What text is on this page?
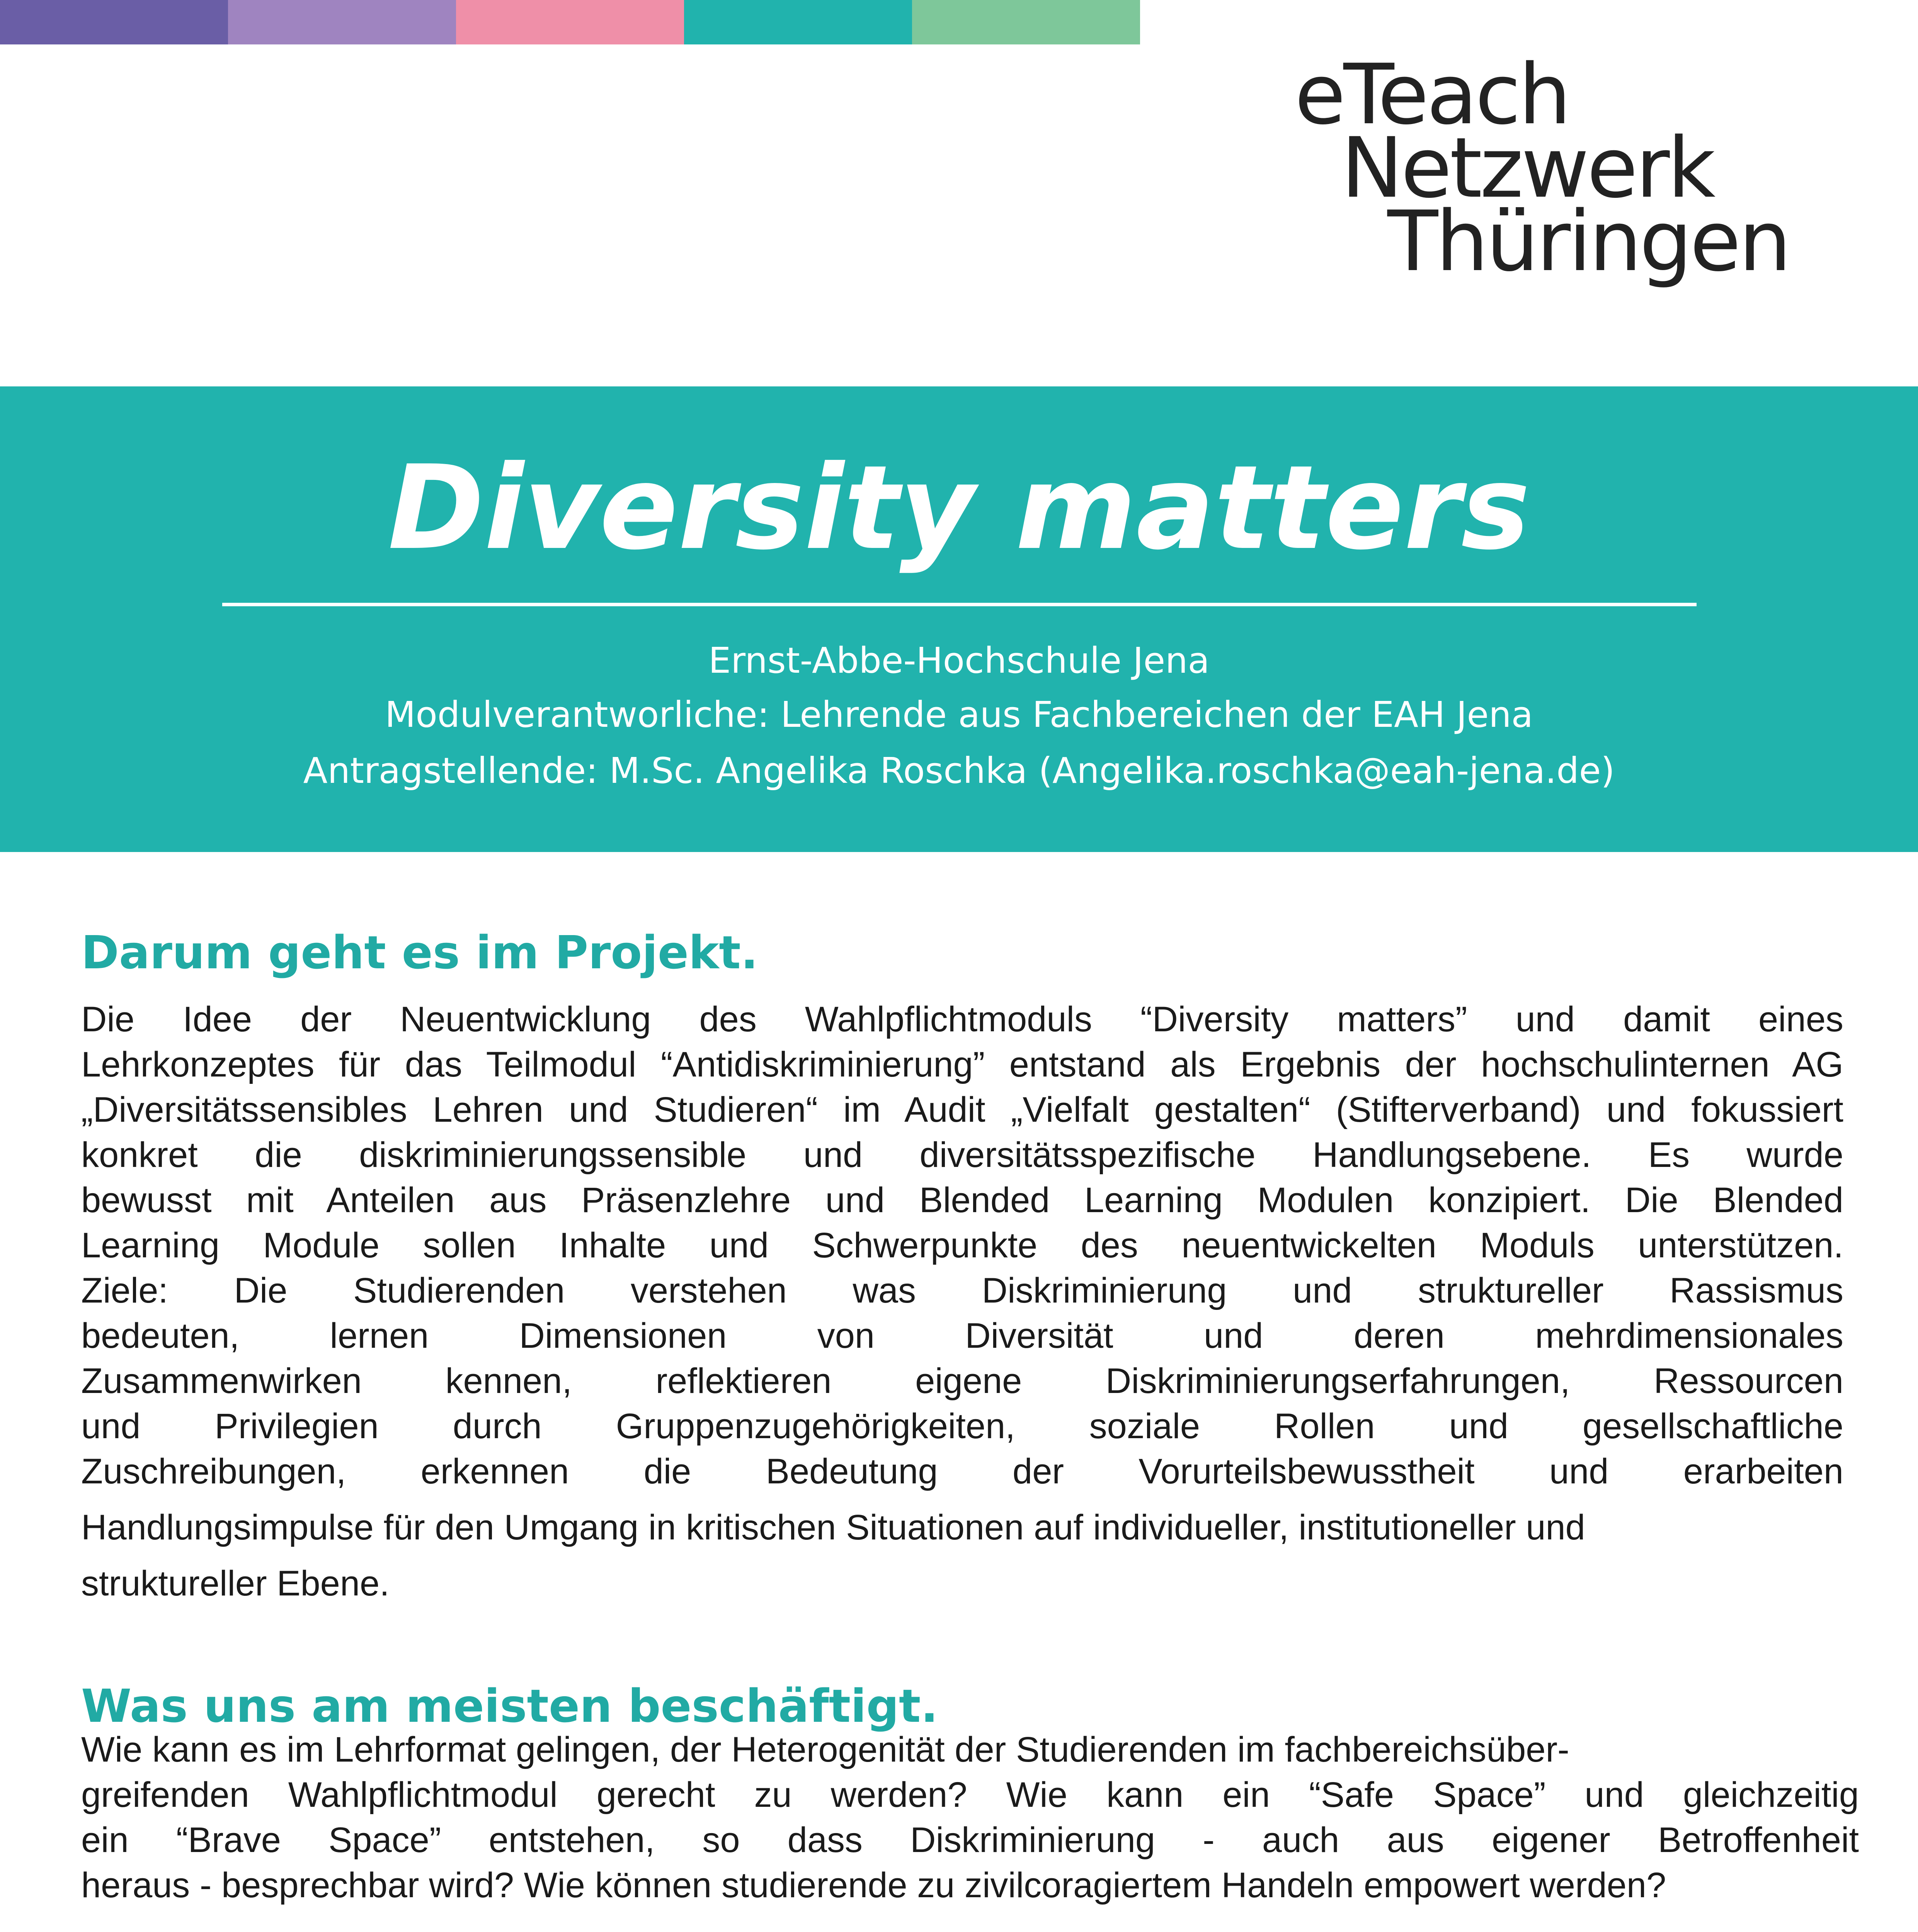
eTeach
Netzwerk
Thüringen
Diversity matters
Ernst-Abbe-Hochschule Jena
Modulverantworliche: Lehrende aus Fachbereichen der EAH Jena
Antragstellende: M.Sc. Angelika Roschka (Angelika.roschka@eah-jena.de)
Darum geht es im Projekt.
Die Idee der Neuentwicklung des Wahlpflichtmoduls “Diversity matters” und damit eines
Lehrkonzeptes für das Teilmodul “Antidiskriminierung” entstand als Ergebnis der hochschulinternen AG
„Diversitätssensibles Lehren und Studieren“ im Audit „Vielfalt gestalten“ (Stifterverband) und fokussiert
konkret die diskriminierungssensible und diversitätsspezifische Handlungsebene. Es wurde
bewusst mit Anteilen aus Präsenzlehre und Blended Learning Modulen konzipiert. Die Blended
Learning Module sollen Inhalte und Schwerpunkte des neuentwickelten Moduls unterstützen.
Ziele: Die Studierenden verstehen was Diskriminierung und struktureller Rassismus
bedeuten, lernen Dimensionen von Diversität und deren mehrdimensionales
Zusammenwirken kennen, reflektieren eigene Diskriminierungserfahrungen, Ressourcen
und Privilegien durch Gruppenzugehörigkeiten, soziale Rollen und gesellschaftliche
Zuschreibungen, erkennen die Bedeutung der Vorurteilsbewusstheit und erarbeiten
Handlungsimpulse für den Umgang in kritischen Situationen auf individueller, institutioneller und
struktureller Ebene.
Was uns am meisten beschäftigt.
Wie kann es im Lehrformat gelingen, der Heterogenität der Studierenden im fachbereichsüber-
greifenden Wahlpflichtmodul gerecht zu werden? Wie kann ein “Safe Space” und gleichzeitig
ein “Brave Space” entstehen, so dass Diskriminierung - auch aus eigener Betroffenheit
heraus - besprechbar wird? Wie können studierende zu zivilcoragiertem Handeln empowert werden?
